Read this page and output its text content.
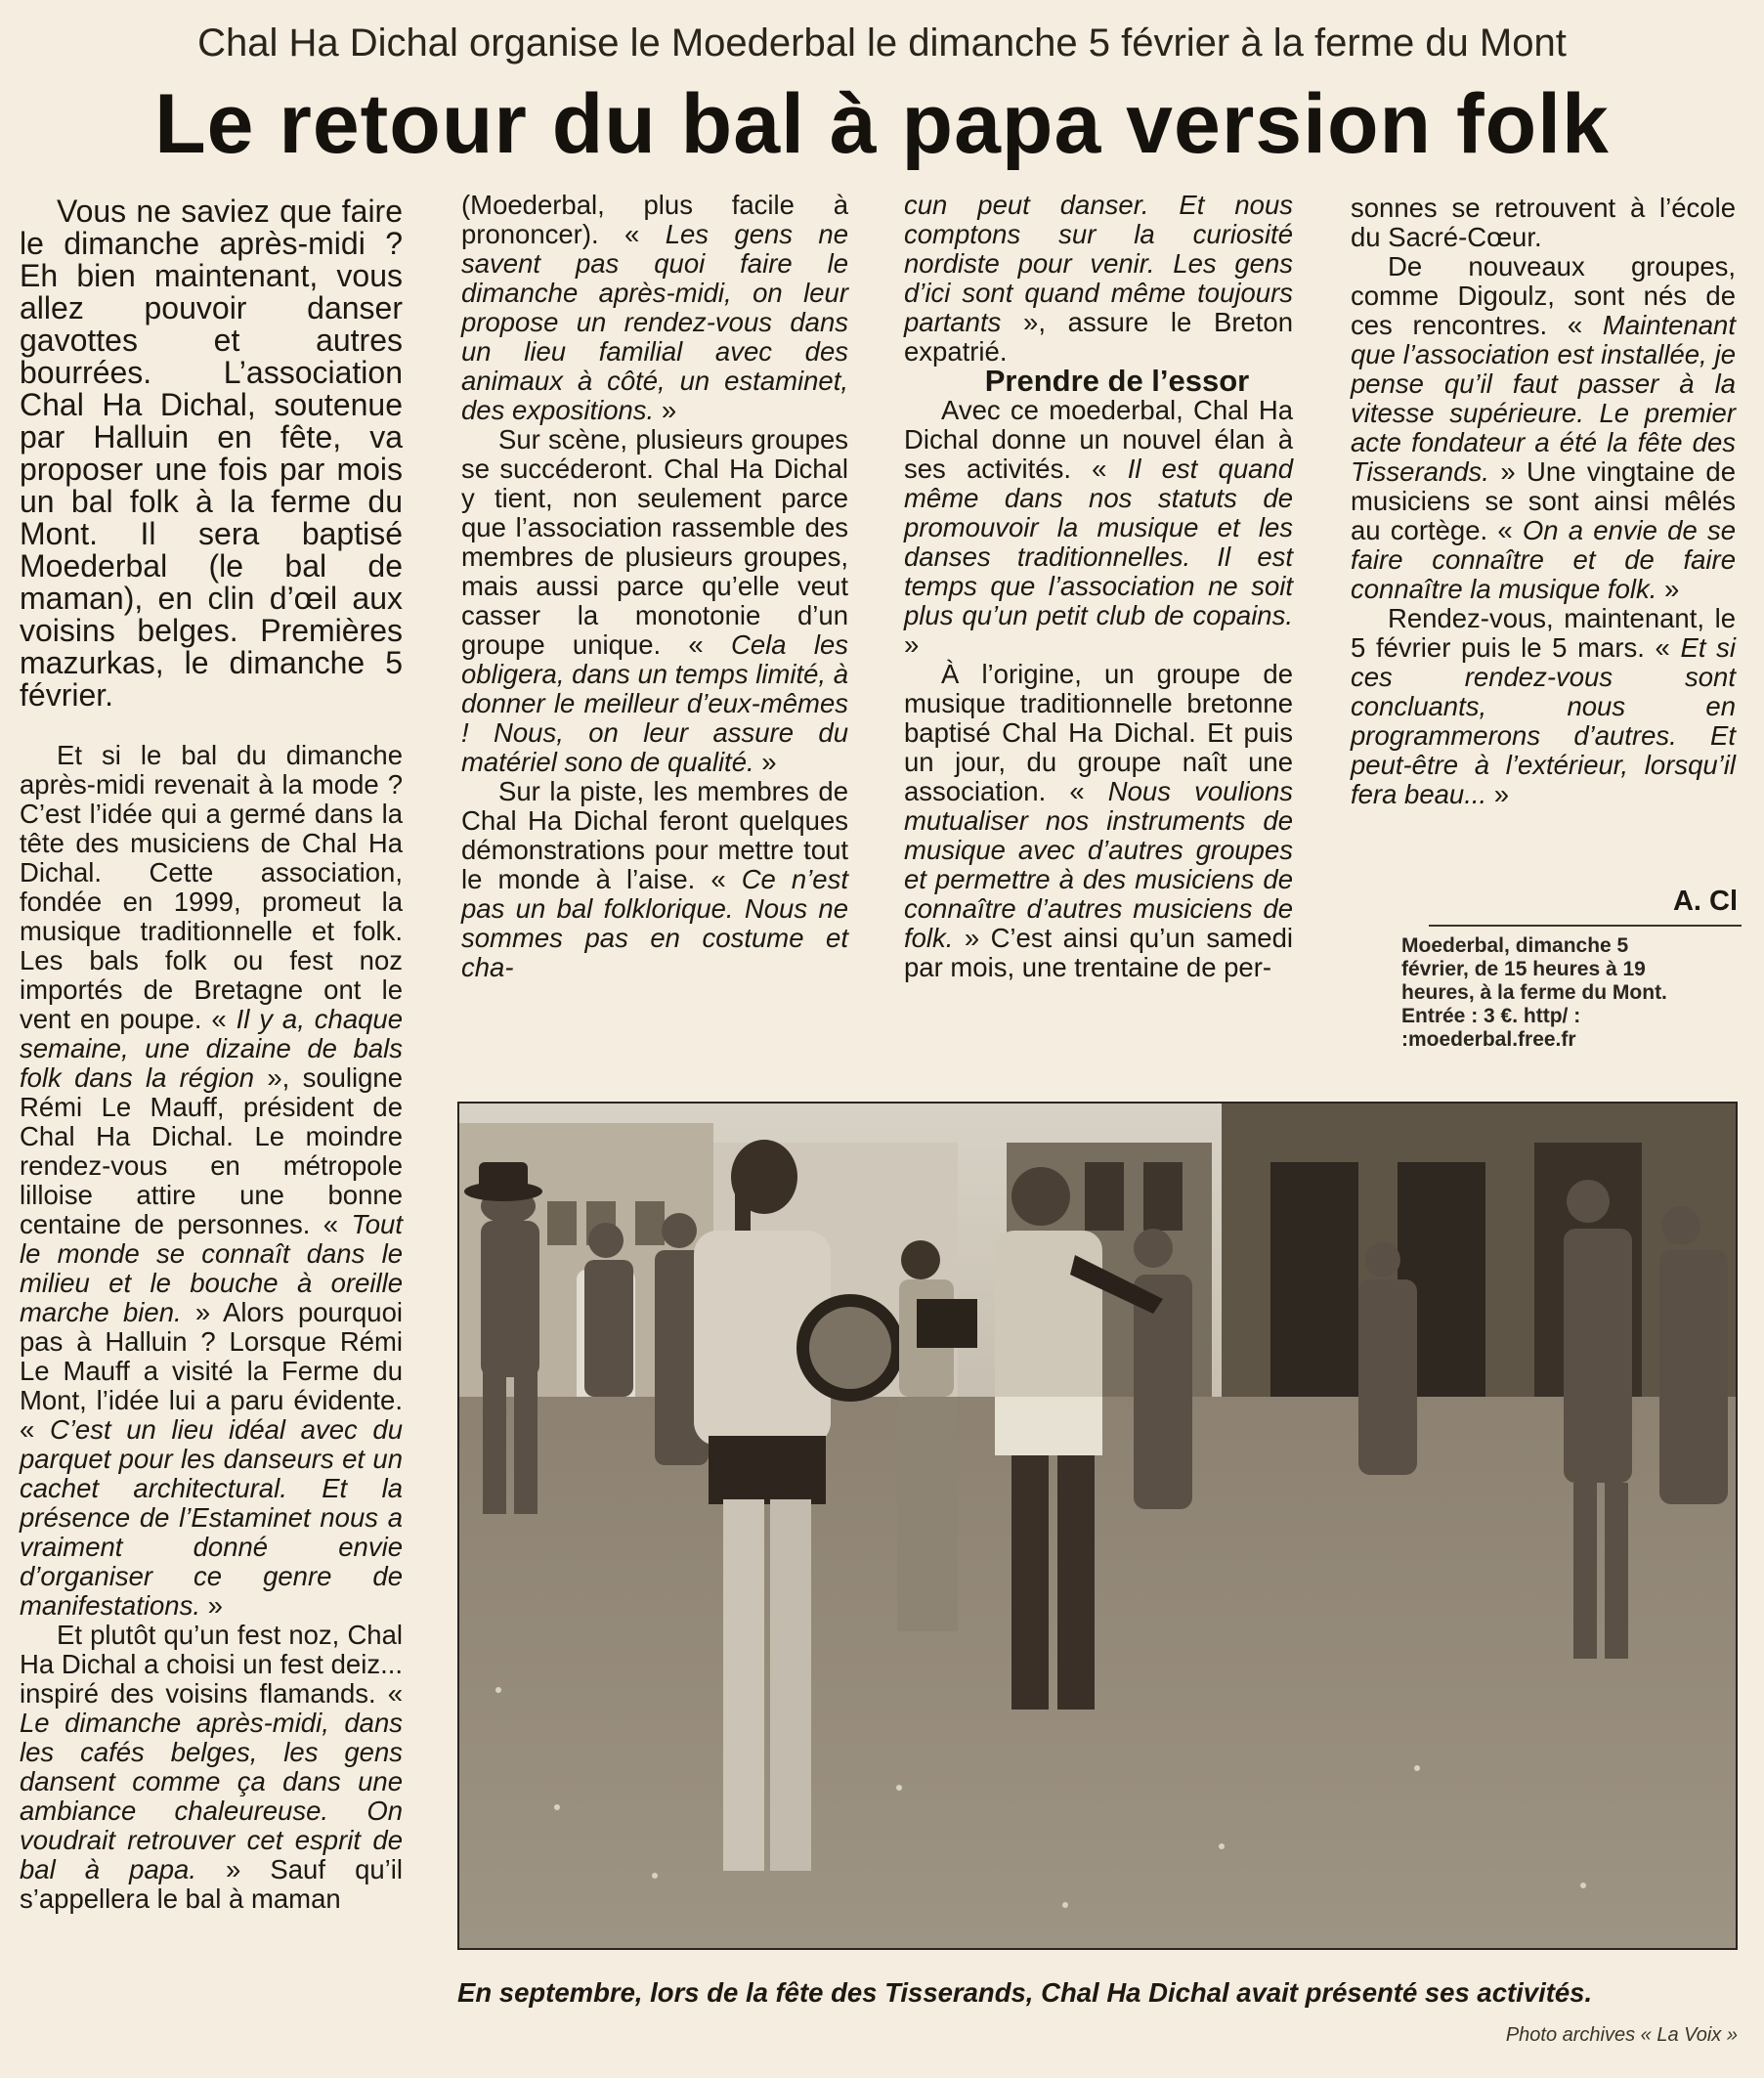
Chal Ha Dichal organise le Moederbal le dimanche 5 février à la ferme du Mont
Le retour du bal à papa version folk

Vous ne saviez que faire le dimanche après-midi ? Eh bien maintenant, vous allez pouvoir danser gavottes et autres bourrées. L’association Chal Ha Dichal, soutenue par Halluin en fête, va proposer une fois par mois un bal folk à la ferme du Mont. Il sera baptisé Moederbal (le bal de maman), en clin d’œil aux voisins belges. Premières mazurkas, le dimanche 5 février.

Et si le bal du dimanche après-midi revenait à la mode ? C’est l’idée qui a germé dans la tête des musiciens de Chal Ha Dichal. Cette association, fondée en 1999, promeut la musique traditionnelle et folk. Les bals folk ou fest noz importés de Bretagne ont le vent en poupe. « Il y a, chaque semaine, une dizaine de bals folk dans la région », souligne Rémi Le Mauff, président de Chal Ha Dichal. Le moindre rendez-vous en métropole lilloise attire une bonne centaine de personnes. « Tout le monde se connaît dans le milieu et le bouche à oreille marche bien. » Alors pourquoi pas à Halluin ? Lorsque Rémi Le Mauff a visité la Ferme du Mont, l’idée lui a paru évidente. « C’est un lieu idéal avec du parquet pour les danseurs et un cachet architectural. Et la présence de l’Estaminet nous a vraiment donné envie d’organiser ce genre de manifestations. »

Et plutôt qu’un fest noz, Chal Ha Dichal a choisi un fest deiz... inspiré des voisins flamands. « Le dimanche après-midi, dans les cafés belges, les gens dansent comme ça dans une ambiance chaleureuse. On voudrait retrouver cet esprit de bal à papa. » Sauf qu’il s’appellera le bal à maman

(Moederbal, plus facile à prononcer). « Les gens ne savent pas quoi faire le dimanche après-midi, on leur propose un rendez-vous dans un lieu familial avec des animaux à côté, un estaminet, des expositions. »

Sur scène, plusieurs groupes se succéderont. Chal Ha Dichal y tient, non seulement parce que l’association rassemble des membres de plusieurs groupes, mais aussi parce qu’elle veut casser la monotonie d’un groupe unique. « Cela les obligera, dans un temps limité, à donner le meilleur d’eux-mêmes ! Nous, on leur assure du matériel sono de qualité. »

Sur la piste, les membres de Chal Ha Dichal feront quelques démonstrations pour mettre tout le monde à l’aise. « Ce n’est pas un bal folklorique. Nous ne sommes pas en costume et cha-

cun peut danser. Et nous comptons sur la curiosité nordiste pour venir. Les gens d’ici sont quand même toujours partants », assure le Breton expatrié.

Prendre de l’essor

Avec ce moederbal, Chal Ha Dichal donne un nouvel élan à ses activités. « Il est quand même dans nos statuts de promouvoir la musique et les danses traditionnelles. Il est temps que l’association ne soit plus qu’un petit club de copains. »

À l’origine, un groupe de musique traditionnelle bretonne baptisé Chal Ha Dichal. Et puis un jour, du groupe naît une association. « Nous voulions mutualiser nos instruments de musique avec d’autres groupes et permettre à des musiciens de connaître d’autres musiciens de folk. » C’est ainsi qu’un samedi par mois, une trentaine de per-

sonnes se retrouvent à l’école du Sacré-Cœur.

De nouveaux groupes, comme Digoulz, sont nés de ces rencontres. « Maintenant que l’association est installée, je pense qu’il faut passer à la vitesse supérieure. Le premier acte fondateur a été la fête des Tisserands. » Une vingtaine de musiciens se sont ainsi mêlés au cortège. « On a envie de se faire connaître et de faire connaître la musique folk. »

Rendez-vous, maintenant, le 5 février puis le 5 mars. « Et si ces rendez-vous sont concluants, nous en programmerons d’autres. Et peut-être à l’extérieur, lorsqu’il fera beau... »

A. Cl
Moederbal, dimanche 5 février, de 15 heures à 19 heures, à la ferme du Mont. Entrée : 3 €. http/ : :moederbal.free.fr
En septembre, lors de la fête des Tisserands, Chal Ha Dichal avait présenté ses activités.
Photo archives « La Voix »
